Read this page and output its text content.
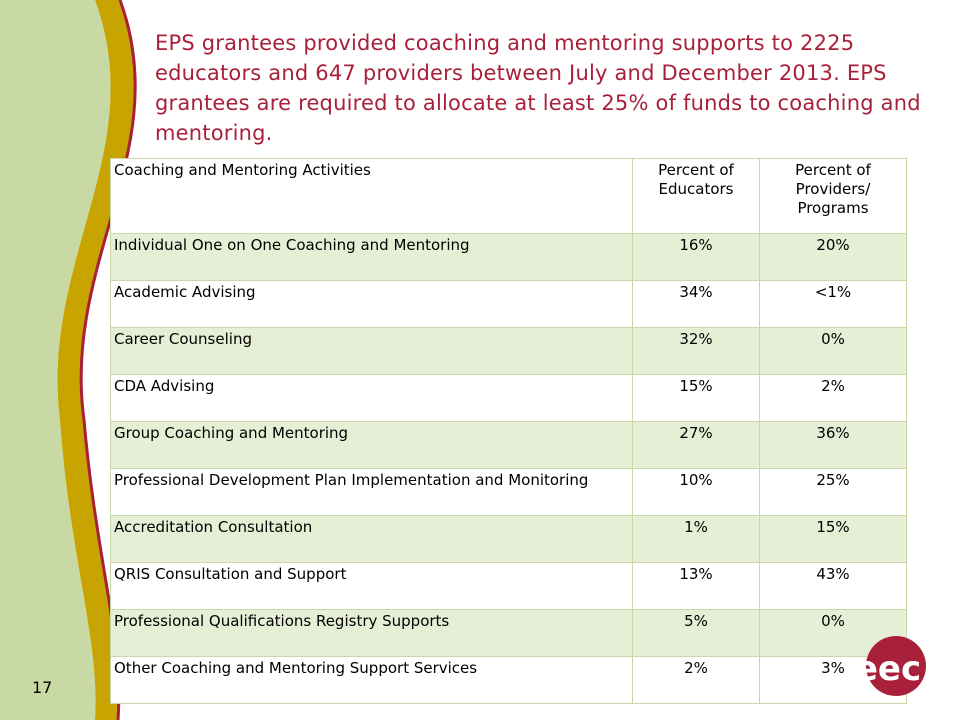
EPS grantees provided coaching and mentoring supports to 2225 educators and 647 providers between July and December 2013. EPS grantees are required to allocate at least 25% of funds to coaching and mentoring.
Coaching and Mentoring Activities	Percent of Educators	Percent of Providers/ Programs
Individual One on One Coaching and Mentoring	16%	20%
Academic Advising	34%	<1%
Career Counseling	32%	0%
CDA Advising	15%	2%
Group Coaching and Mentoring	27%	36%
Professional Development Plan Implementation and Monitoring	10%	25%
Accreditation Consultation	1%	15%
QRIS Consultation and Support	13%	43%
Professional Qualifications Registry Supports	5%	0%
Other Coaching and Mentoring Support Services	2%	3%
17	eec
